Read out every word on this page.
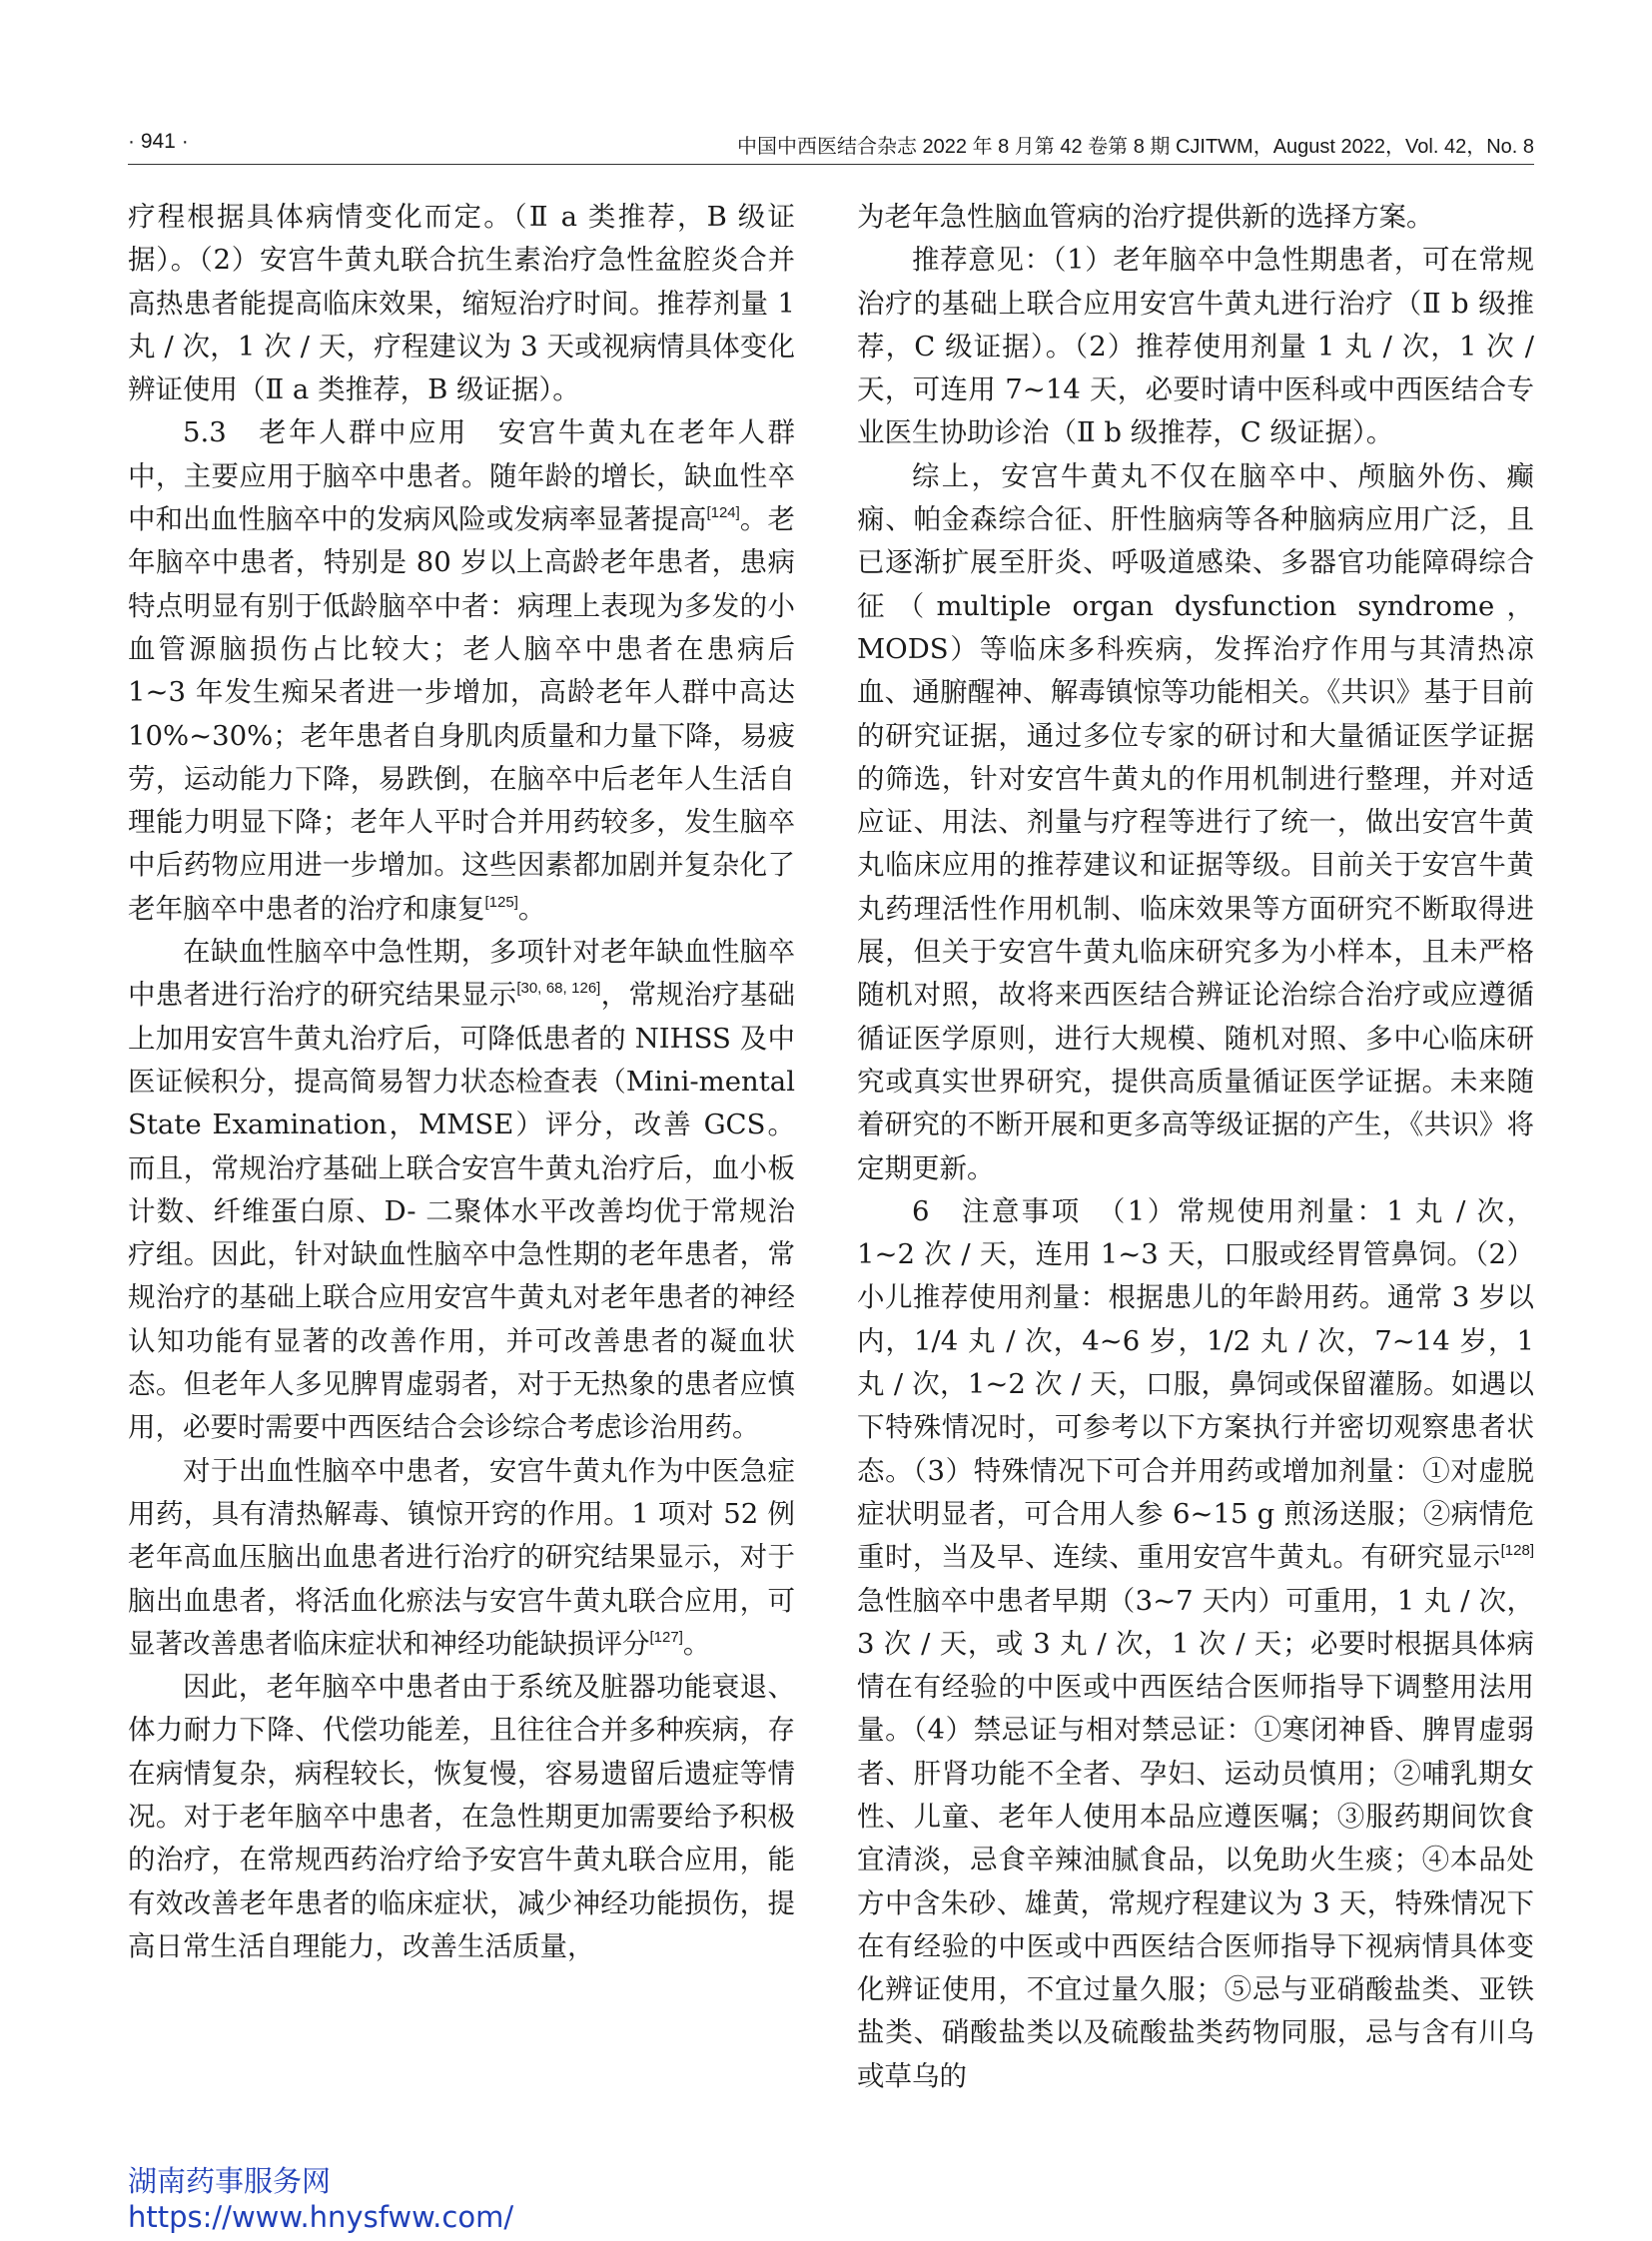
· 941 ·	中国中西医结合杂志 2022 年 8 月第 42 卷第 8 期 CJITWM，August 2022，Vol. 42，No. 8

疗程根据具体病情变化而定。（Ⅱ a 类推荐，B 级证据）。（2）安宫牛黄丸联合抗生素治疗急性盆腔炎合并高热患者能提高临床效果，缩短治疗时间。推荐剂量 1 丸 / 次，1 次 / 天，疗程建议为 3 天或视病情具体变化辨证使用（Ⅱ a 类推荐，B 级证据）。

5.3　老年人群中应用　安宫牛黄丸在老年人群中，主要应用于脑卒中患者。随年龄的增长，缺血性卒中和出血性脑卒中的发病风险或发病率显著提高[124]。老年脑卒中患者，特别是 80 岁以上高龄老年患者，患病特点明显有别于低龄脑卒中者：病理上表现为多发的小血管源脑损伤占比较大；老人脑卒中患者在患病后 1~3 年发生痴呆者进一步增加，高龄老年人群中高达 10%~30%；老年患者自身肌肉质量和力量下降，易疲劳，运动能力下降，易跌倒，在脑卒中后老年人生活自理能力明显下降；老年人平时合并用药较多，发生脑卒中后药物应用进一步增加。这些因素都加剧并复杂化了老年脑卒中患者的治疗和康复[125]。

在缺血性脑卒中急性期，多项针对老年缺血性脑卒中患者进行治疗的研究结果显示[30, 68, 126]，常规治疗基础上加用安宫牛黄丸治疗后，可降低患者的 NIHSS 及中医证候积分，提高简易智力状态检查表（Mini-mental State Examination，MMSE）评分，改善 GCS。而且，常规治疗基础上联合安宫牛黄丸治疗后，血小板计数、纤维蛋白原、D- 二聚体水平改善均优于常规治疗组。因此，针对缺血性脑卒中急性期的老年患者，常规治疗的基础上联合应用安宫牛黄丸对老年患者的神经认知功能有显著的改善作用，并可改善患者的凝血状态。但老年人多见脾胃虚弱者，对于无热象的患者应慎用，必要时需要中西医结合会诊综合考虑诊治用药。

对于出血性脑卒中患者，安宫牛黄丸作为中医急症用药，具有清热解毒、镇惊开窍的作用。1 项对 52 例老年高血压脑出血患者进行治疗的研究结果显示，对于脑出血患者，将活血化瘀法与安宫牛黄丸联合应用，可显著改善患者临床症状和神经功能缺损评分[127]。

因此，老年脑卒中患者由于系统及脏器功能衰退、体力耐力下降、代偿功能差，且往往合并多种疾病，存在病情复杂，病程较长，恢复慢，容易遗留后遗症等情况。对于老年脑卒中患者，在急性期更加需要给予积极的治疗，在常规西药治疗给予安宫牛黄丸联合应用，能有效改善老年患者的临床症状，减少神经功能损伤，提高日常生活自理能力，改善生活质量，

为老年急性脑血管病的治疗提供新的选择方案。

推荐意见：（1）老年脑卒中急性期患者，可在常规治疗的基础上联合应用安宫牛黄丸进行治疗（Ⅱ b 级推荐，C 级证据）。（2）推荐使用剂量 1 丸 / 次，1 次 / 天，可连用 7~14 天，必要时请中医科或中西医结合专业医生协助诊治（Ⅱ b 级推荐，C 级证据）。

综上，安宫牛黄丸不仅在脑卒中、颅脑外伤、癫痫、帕金森综合征、肝性脑病等各种脑病应用广泛，且已逐渐扩展至肝炎、呼吸道感染、多器官功能障碍综合征（multiple organ dysfunction syndrome，MODS）等临床多科疾病，发挥治疗作用与其清热凉血、通腑醒神、解毒镇惊等功能相关。《共识》基于目前的研究证据，通过多位专家的研讨和大量循证医学证据的筛选，针对安宫牛黄丸的作用机制进行整理，并对适应证、用法、剂量与疗程等进行了统一，做出安宫牛黄丸临床应用的推荐建议和证据等级。目前关于安宫牛黄丸药理活性作用机制、临床效果等方面研究不断取得进展，但关于安宫牛黄丸临床研究多为小样本，且未严格随机对照，故将来西医结合辨证论治综合治疗或应遵循循证医学原则，进行大规模、随机对照、多中心临床研究或真实世界研究，提供高质量循证医学证据。未来随着研究的不断开展和更多高等级证据的产生，《共识》将定期更新。

6　注意事项　（1）常规使用剂量：1 丸 / 次，1~2 次 / 天，连用 1~3 天，口服或经胃管鼻饲。（2）小儿推荐使用剂量：根据患儿的年龄用药。通常 3 岁以内，1/4 丸 / 次，4~6 岁，1/2 丸 / 次，7~14 岁，1 丸 / 次，1~2 次 / 天，口服，鼻饲或保留灌肠。如遇以下特殊情况时，可参考以下方案执行并密切观察患者状态。（3）特殊情况下可合并用药或增加剂量：①对虚脱症状明显者，可合用人参 6~15 g 煎汤送服；②病情危重时，当及早、连续、重用安宫牛黄丸。有研究显示[128]急性脑卒中患者早期（3~7 天内）可重用，1 丸 / 次，3 次 / 天，或 3 丸 / 次，1 次 / 天；必要时根据具体病情在有经验的中医或中西医结合医师指导下调整用法用量。（4）禁忌证与相对禁忌证：①寒闭神昏、脾胃虚弱者、肝肾功能不全者、孕妇、运动员慎用；②哺乳期女性、儿童、老年人使用本品应遵医嘱；③服药期间饮食宜清淡，忌食辛辣油腻食品，以免助火生痰；④本品处方中含朱砂、雄黄，常规疗程建议为 3 天，特殊情况下在有经验的中医或中西医结合医师指导下视病情具体变化辨证使用，不宜过量久服；⑤忌与亚硝酸盐类、亚铁盐类、硝酸盐类以及硫酸盐类药物同服，忌与含有川乌或草乌的

湖南药事服务网
https://www.hnysfww.com/
